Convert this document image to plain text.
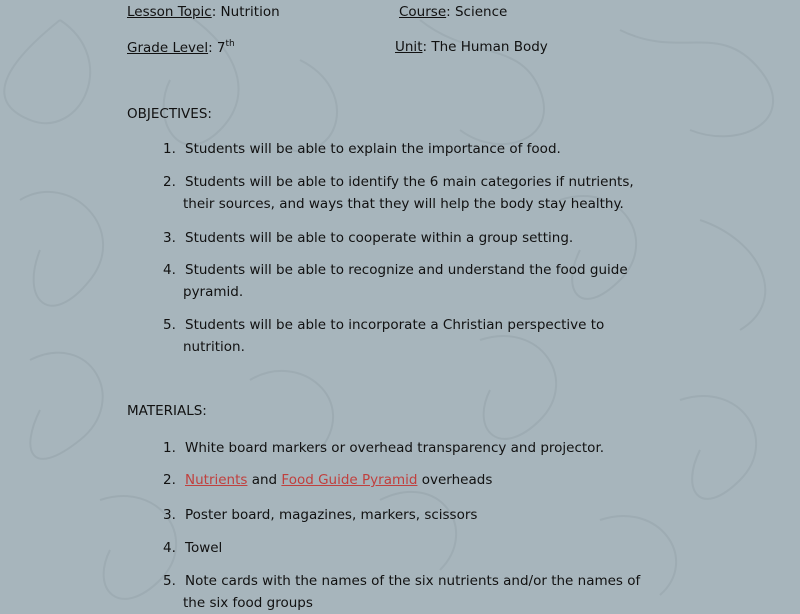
Lesson Topic: Nutrition	Course: Science
Grade Level: 7th	Unit: The Human Body
OBJECTIVES:
1. Students will be able to explain the importance of food.
2. Students will be able to identify the 6 main categories if nutrients,
their sources, and ways that they will help the body stay healthy.
3. Students will be able to cooperate within a group setting.
4. Students will be able to recognize and understand the food guide
pyramid.
5. Students will be able to incorporate a Christian perspective to
nutrition.
MATERIALS:
1. White board markers or overhead transparency and projector.
2. Nutrients and Food Guide Pyramid overheads
3. Poster board, magazines, markers, scissors
4. Towel
5. Note cards with the names of the six nutrients and/or the names of
the six food groups
